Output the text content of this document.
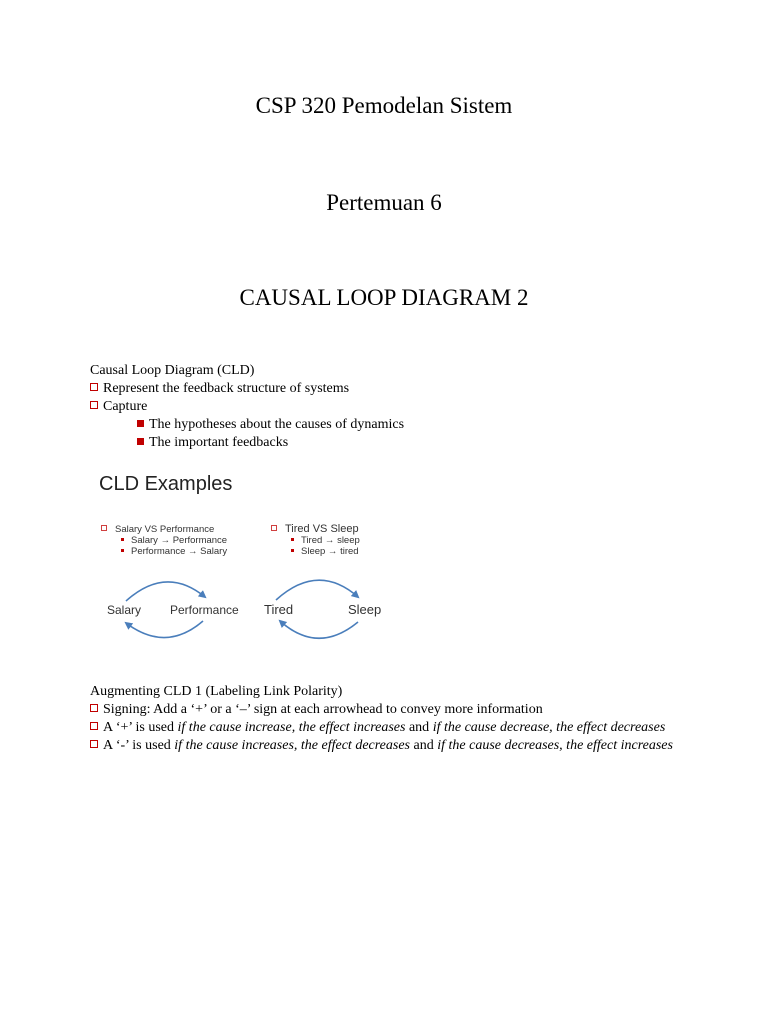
CSP 320 Pemodelan Sistem
Pertemuan 6
CAUSAL LOOP DIAGRAM 2

Causal Loop Diagram (CLD)

Represent the feedback structure of systems

Capture

The hypotheses about the causes of dynamics

The important feedbacks

CLD Examples
Salary VS Performance
Salary → Performance
Performance → Salary
Tired VS Sleep
Tired → sleep
Sleep → tired
Salary Performance Tired	Sleep

Augmenting CLD 1 (Labeling Link Polarity)

Signing: Add a ‘+’ or a ‘–’ sign at each arrowhead to convey more information

A ‘+’ is used if the cause increase, the effect increases and if the cause decrease, the effect decreases

A ‘-’ is used if the cause increases, the effect decreases and if the cause decreases, the effect increases
